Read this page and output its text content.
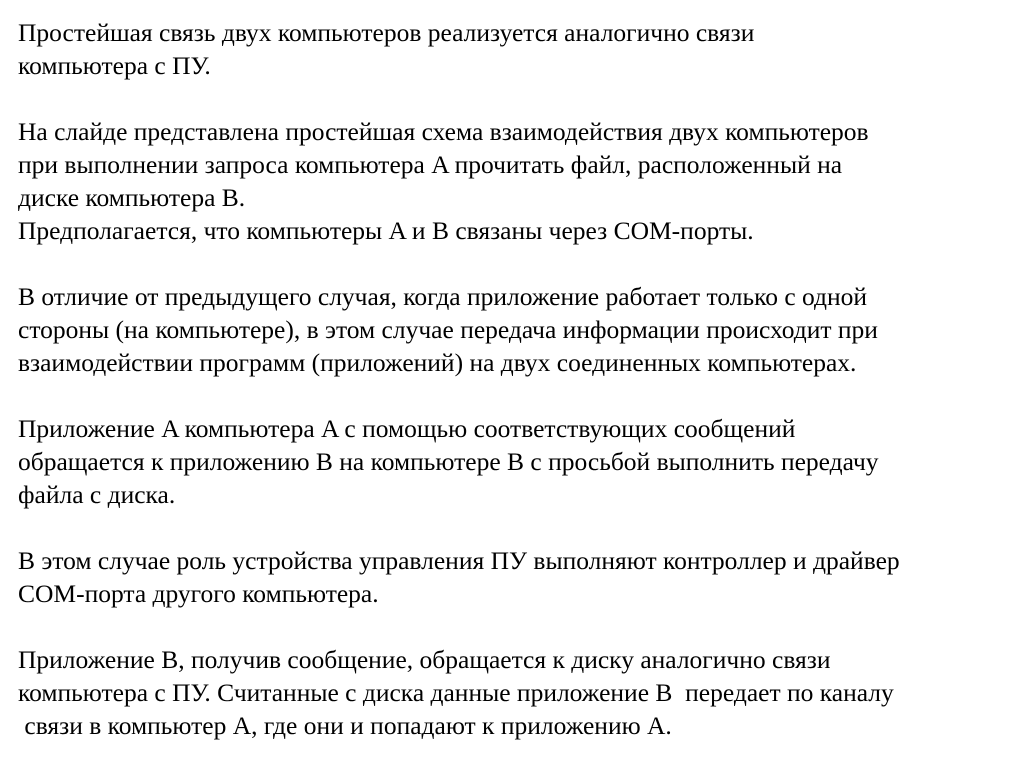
Простейшая связь двух компьютеров реализуется аналогично связи
компьютера с ПУ.
На слайде представлена простейшая схема взаимодействия двух компьютеров
при выполнении запроса компьютера A прочитать файл, расположенный на
диске компьютера B.
Предполагается, что компьютеры A и B связаны через COM-порты.
В отличие от предыдущего случая, когда приложение работает только с одной
стороны (на компьютере), в этом случае передача информации происходит при
взаимодействии программ (приложений) на двух соединенных компьютерах.
Приложение A компьютера A с помощью соответствующих сообщений
обращается к приложению B на компьютере B с просьбой выполнить передачу
файла с диска.
В этом случае роль устройства управления ПУ выполняют контроллер и драйвер
COM-порта другого компьютера.
Приложение B, получив сообщение, обращается к диску аналогично связи
компьютера с ПУ. Считанные с диска данные приложение B  передает по каналу
связи в компьютер A, где они и попадают к приложению A.
